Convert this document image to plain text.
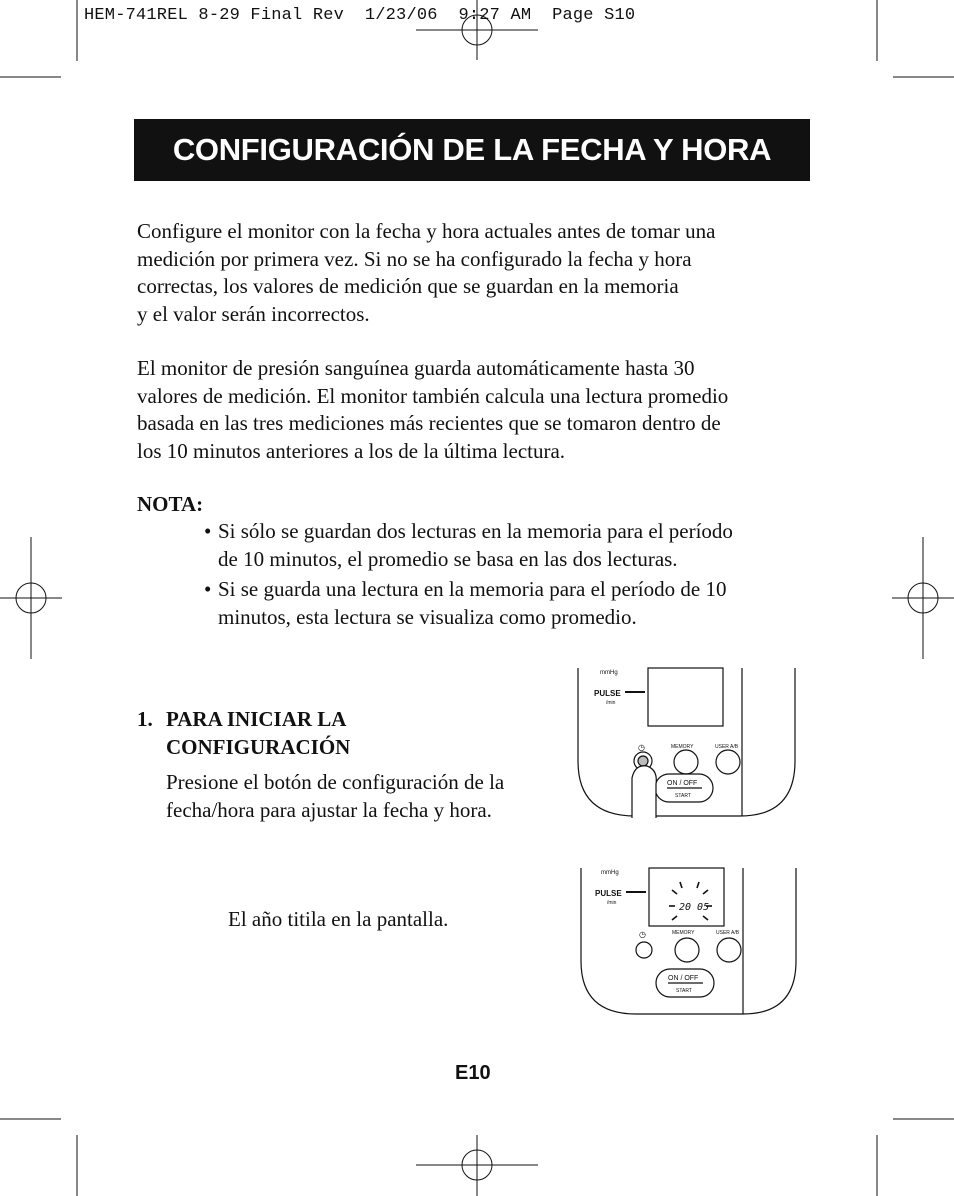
HEM-741REL 8-29 Final Rev  1/23/06  9:27 AM  Page S10
CONFIGURACIÓN DE LA FECHA Y HORA
Configure el monitor con la fecha y hora actuales antes de tomar una
medición por primera vez. Si no se ha configurado la fecha y hora
correctas, los valores de medición que se guardan en la memoria
y el valor serán incorrectos.
El monitor de presión sanguínea guarda automáticamente hasta 30
valores de medición. El monitor también calcula una lectura promedio
basada en las tres mediciones más recientes que se tomaron dentro de
los 10 minutos anteriores a los de la última lectura.
NOTA:
• Si sólo se guardan dos lecturas en la memoria para el período
de 10 minutos, el promedio se basa en las dos lecturas.
• Si se guarda una lectura en la memoria para el período de 10
minutos, esta lectura se visualiza como promedio.
1. PARA INICIAR LA
CONFIGURACIÓN
Presione el botón de configuración de la
fecha/hora para ajustar la fecha y hora.
El año titila en la pantalla.
mmHg
PULSE
/min
◷	MEMORY	USER A/B
ON / OFF
START
mmHg
PULSE
/min	20 05
◷	MEMORY	USER A/B
ON / OFF
START
E10
